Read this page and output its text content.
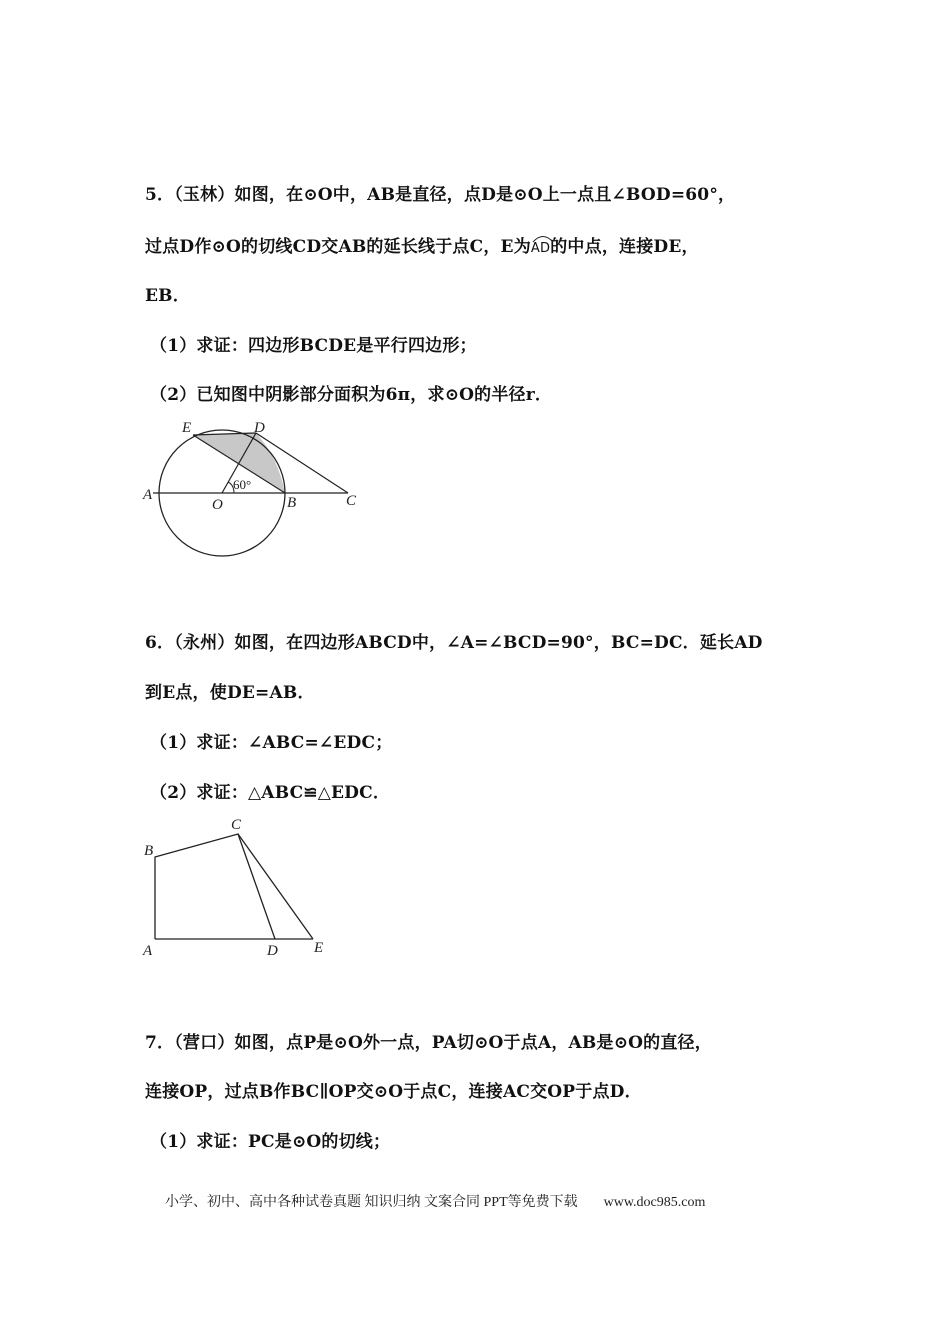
5．（玉林）如图，在⊙O中，AB是直径，点D是⊙O上一点且∠BOD=60°，
过点D作⊙O的切线CD交AB的延长线于点C，E为
AD的中点，连接DE，
EB．
（1）求证：四边形BCDE是平行四边形；
（2）已知图中阴影部分面积为6π，求⊙O的半径r．
E	D
A
O	B	C
60°
6．（永州）如图，在四边形ABCD中，∠A=∠BCD=90°，BC=DC．延长AD
到E点，使DE=AB．
（1）求证：∠ABC=∠EDC；
（2）求证：△ABC≌△EDC．
B
C
A	D E
7．（营口）如图，点P是⊙O外一点，PA切⊙O于点A，AB是⊙O的直径，
连接OP，过点B作BC∥OP交⊙O于点C，连接AC交OP于点D．
（1）求证：PC是⊙O的切线；
小学、初中、高中各种试卷真题 知识归纳 文案合同 PPT等免费下载 www.doc985.com
